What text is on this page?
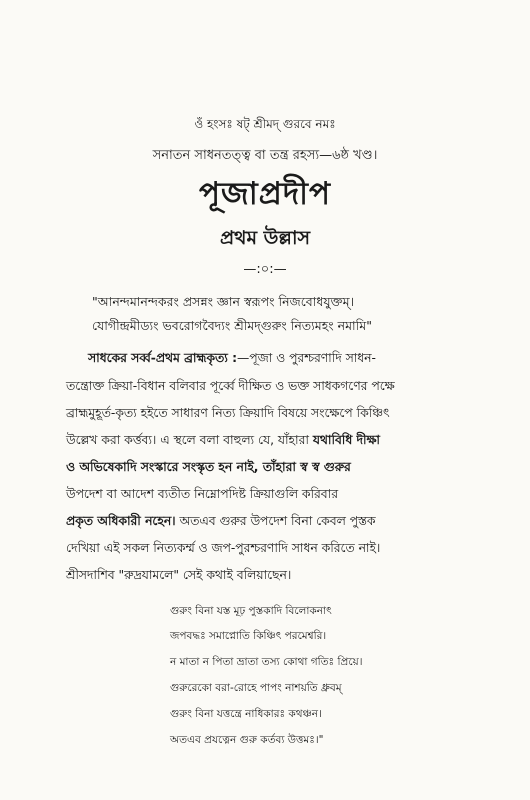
ওঁ হংসঃ ষট্ শ্রীমদ্ গুরবে নমঃ
সনাতন সাধনতত্ত্ব বা তন্ত্র রহস্য—৬ষ্ঠ খণ্ড।
পূজাপ্রদীপ
প্রথম উল্লাস
—:০:—
"আনন্দমানন্দকরং প্রসন্নং জ্ঞান স্বরূপং নিজবোধযুক্তম্।
যোগীন্দ্রমীড্যং ভবরোগবৈদ্যং শ্রীমদ্‌গুরুং নিত্যমহং নমামি"
সাধকের সর্ব্ব-প্রথম ব্রাহ্মকৃত্য :—পূজা ও পুরশ্চরণাদি সাধন-
তন্ত্রোক্ত ক্রিয়া-বিধান বলিবার পূর্ব্বে দীক্ষিত ও ভক্ত সাধকগণের পক্ষে
ব্রাহ্মমুহূর্ত-কৃত্য হইতে সাধারণ নিত্য ক্রিয়াদি বিষয়ে সংক্ষেপে কিঞ্চিৎ
উল্লেখ করা কর্ত্তব্য। এ স্থলে বলা বাহুল্য যে, যাঁহারা যথাবিধি দীক্ষা
ও অভিষেকাদি সংস্কারে সংস্কৃত হন নাই, তাঁহারা স্ব স্ব গুরুর
উপদেশ বা আদেশ ব্যতীত নিম্নোপদিষ্ট ক্রিয়াগুলি করিবার
প্রকৃত অধিকারী নহেন। অতএব গুরুর উপদেশ বিনা কেবল পুস্তক
দেখিয়া এই সকল নিত্যকর্ম্ম ও জপ-পুরশ্চরণাদি সাধন করিতে নাই।
শ্রীসদাশিব "রুদ্রযামলে" সেই কথাই বলিয়াছেন।
গুরুং বিনা যস্ত মূঢ় পুস্তকাদি বিলোকনাৎ
জপবদ্ধঃ সমাপ্নোতি কিঞ্চিৎ পরমেশ্বরি।
ন মাতা ন পিতা ভ্রাতা তস্য কোথা গতিঃ প্রিয়ে।
গুরুরেকো বরা-রোহে পাপং নাশয়তি ধ্রুবম্
গুরুং বিনা যত্তন্ত্রে নাধিকারঃ কথঞ্চন।
অতএব প্রযত্নেন গুরু কর্তব্য উত্তমঃ।"
